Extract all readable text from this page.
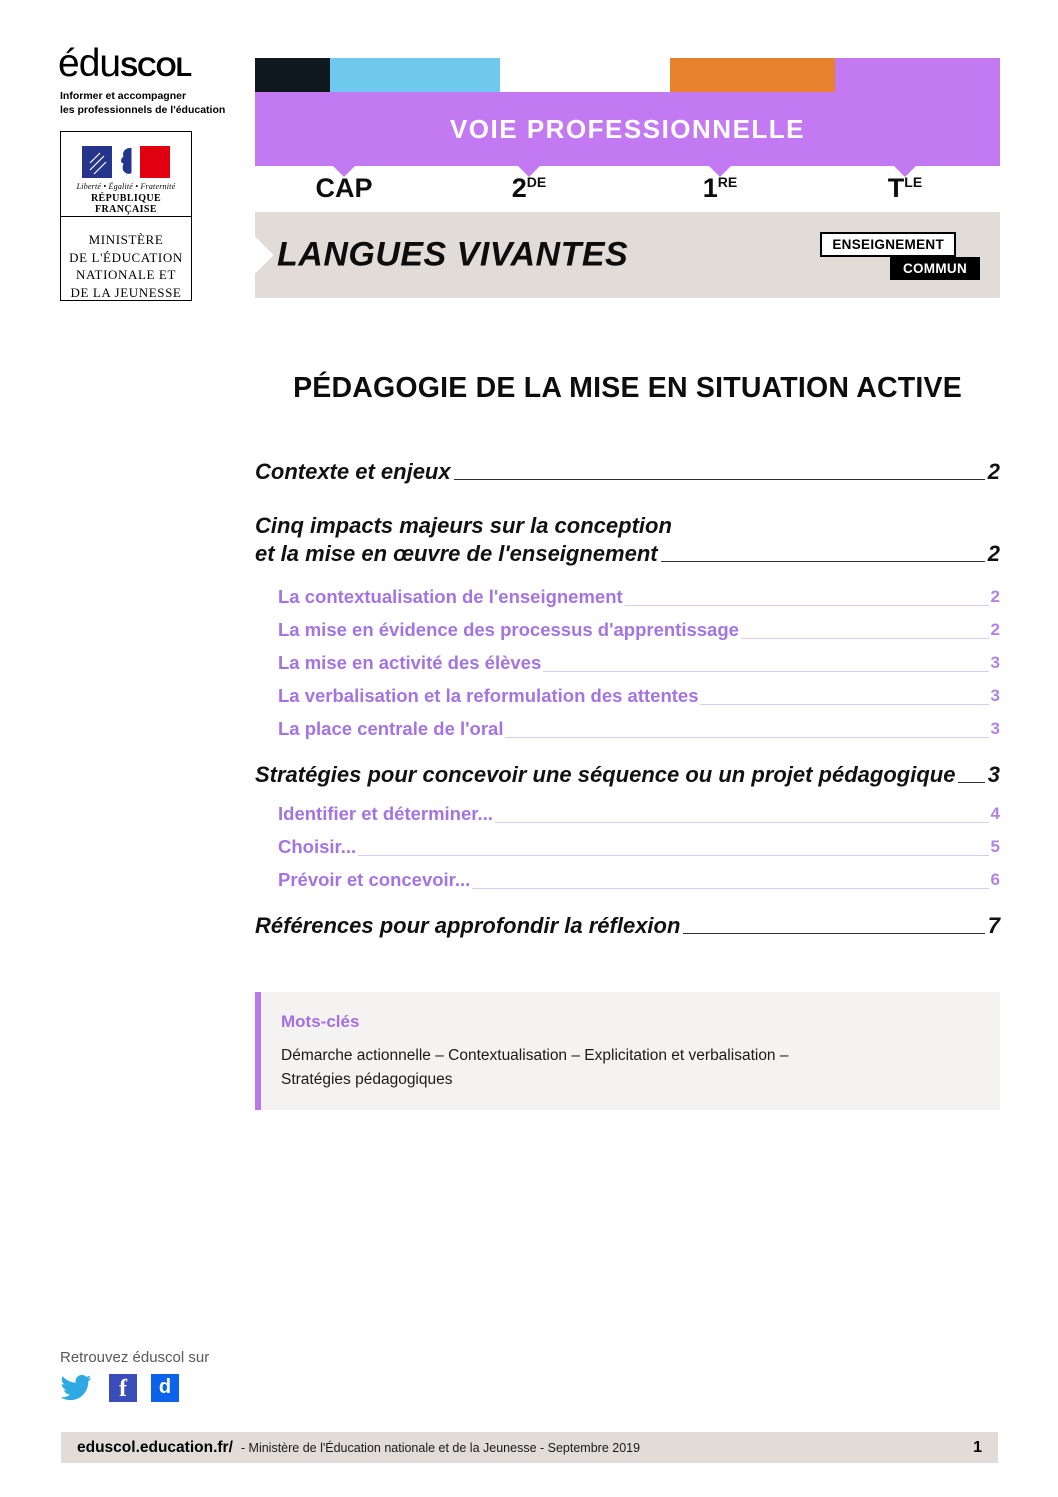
éduscol
Informer et accompagner
les professionnels de l'éducation
Liberté • Égalité • Fraternité
RÉPUBLIQUE FRANÇAISE
MINISTÈRE
DE L'ÉDUCATION
NATIONALE ET
DE LA JEUNESSE
VOIE PROFESSIONNELLE
CAP	2DE	1RE	$T^{LE}$
LANGUES VIVANTES	ENSEIGNEMENT
COMMUN
PÉDAGOGIE DE LA MISE EN SITUATION ACTIVE
Contexte et enjeux	2
Cinq impacts majeurs sur la conception
et la mise en œuvre de l'enseignement	2
La contextualisation de l'enseignement	2
La mise en évidence des processus d'apprentissage	2
La mise en activité des élèves	3
La verbalisation et la reformulation des attentes	3
La place centrale de l'oral	3
Stratégies pour concevoir une séquence ou un projet pédagogique 3
Identifier et déterminer...	4
Choisir...	5
Prévoir et concevoir...	6
Références pour approfondir la réflexion	7
Mots-clés
Démarche actionnelle – Contextualisation – Explicitation et verbalisation –
Stratégies pédagogiques
Retrouvez éduscol sur
f d
eduscol.education.fr/ - Ministère de l'Éducation nationale et de la Jeunesse - Septembre 2019	1
